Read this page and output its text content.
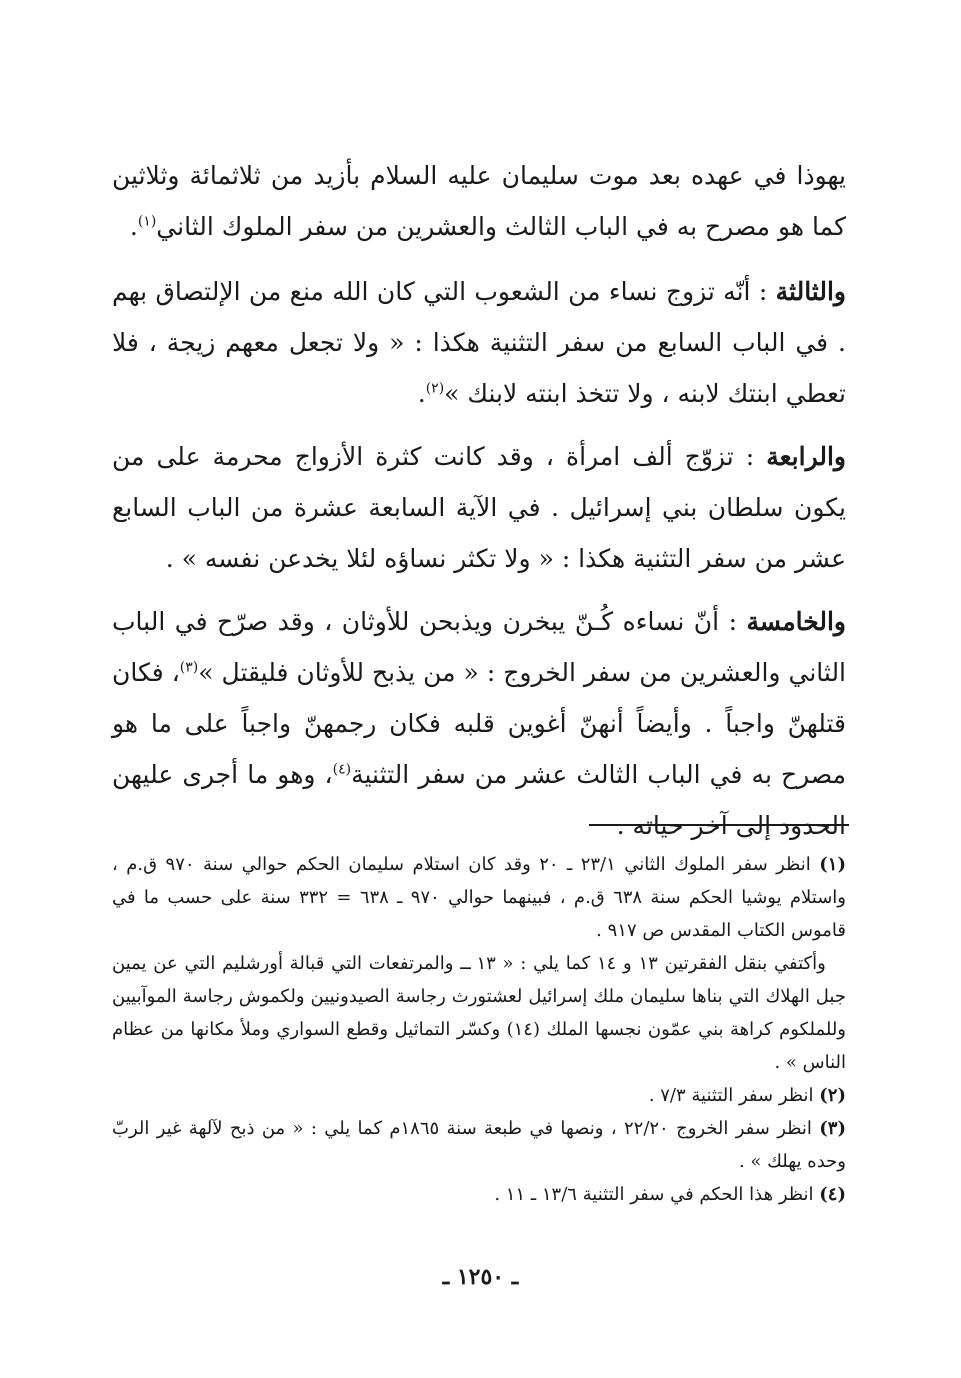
يهوذا في عهده بعد موت سليمان عليه السلام بأزيد من ثلاثمائة وثلاثين كما هو مصرح به في الباب الثالث والعشرين من سفر الملوك الثاني$^{(١)}$.

والثالثة : أنّه تزوج نساء من الشعوب التي كان الله منع من الإلتصاق بهم . في الباب السابع من سفر التثنية هكذا : « ولا تجعل معهم زيجة ، فلا تعطي ابنتك لابنه ، ولا تتخذ ابنته لابنك »$^{(٢)}$.

والرابعة : تزوّج ألف امرأة ، وقد كانت كثرة الأزواج محرمة على من يكون سلطان بني إسرائيل . في الآية السابعة عشرة من الباب السابع عشر من سفر التثنية هكذا : « ولا تكثر نساؤه لئلا يخدعن نفسه » .

والخامسة : أنّ نساءه كُـنّ يبخرن ويذبحن للأوثان ، وقد صرّح في الباب الثاني والعشرين من سفر الخروج : « من يذبح للأوثان فليقتل »$^{(٣)}$، فكان قتلهنّ واجباً . وأيضاً أنهنّ أغوين قلبه فكان رجمهنّ واجباً على ما هو مصرح به في الباب الثالث عشر من سفر التثنية$^{(٤)}$، وهو ما أجرى عليهن الحدود إلى آخر حياته .

(١) انظر سفر الملوك الثاني ٢٣/١ ـ ٢٠ وقد كان استلام سليمان الحكم حوالي سنة ٩٧٠ ق.م ، واستلام يوشيا الحكم سنة ٦٣٨ ق.م ، فبينهما حوالي ٩٧٠ ـ ٦٣٨ = ٣٣٢ سنة على حسب ما في قاموس الكتاب المقدس ص ٩١٧ .

وأكتفي بنقل الفقرتين ١٣ و ١٤ كما يلي : « ١٣ ــ والمرتفعات التي قبالة أورشليم التي عن يمين جبل الهلاك التي بناها سليمان ملك إسرائيل لعشتورث رجاسة الصيدونيين ولكموش رجاسة الموآبيين وللملكوم كراهة بني عمّون نجسها الملك (١٤) وكسّر التماثيل وقطع السواري وملأ مكانها من عظام الناس » .

(٢) انظر سفر التثنية ٧/٣ .

(٣) انظر سفر الخروج ٢٢/٢٠ ، ونصها في طبعة سنة ١٨٦٥م كما يلي : « من ذبح لآلهة غير الربّ وحده يهلك » .

(٤) انظر هذا الحكم في سفر التثنية ١٣/٦ ـ ١١ .

ـ ١٢٥٠ ـ
